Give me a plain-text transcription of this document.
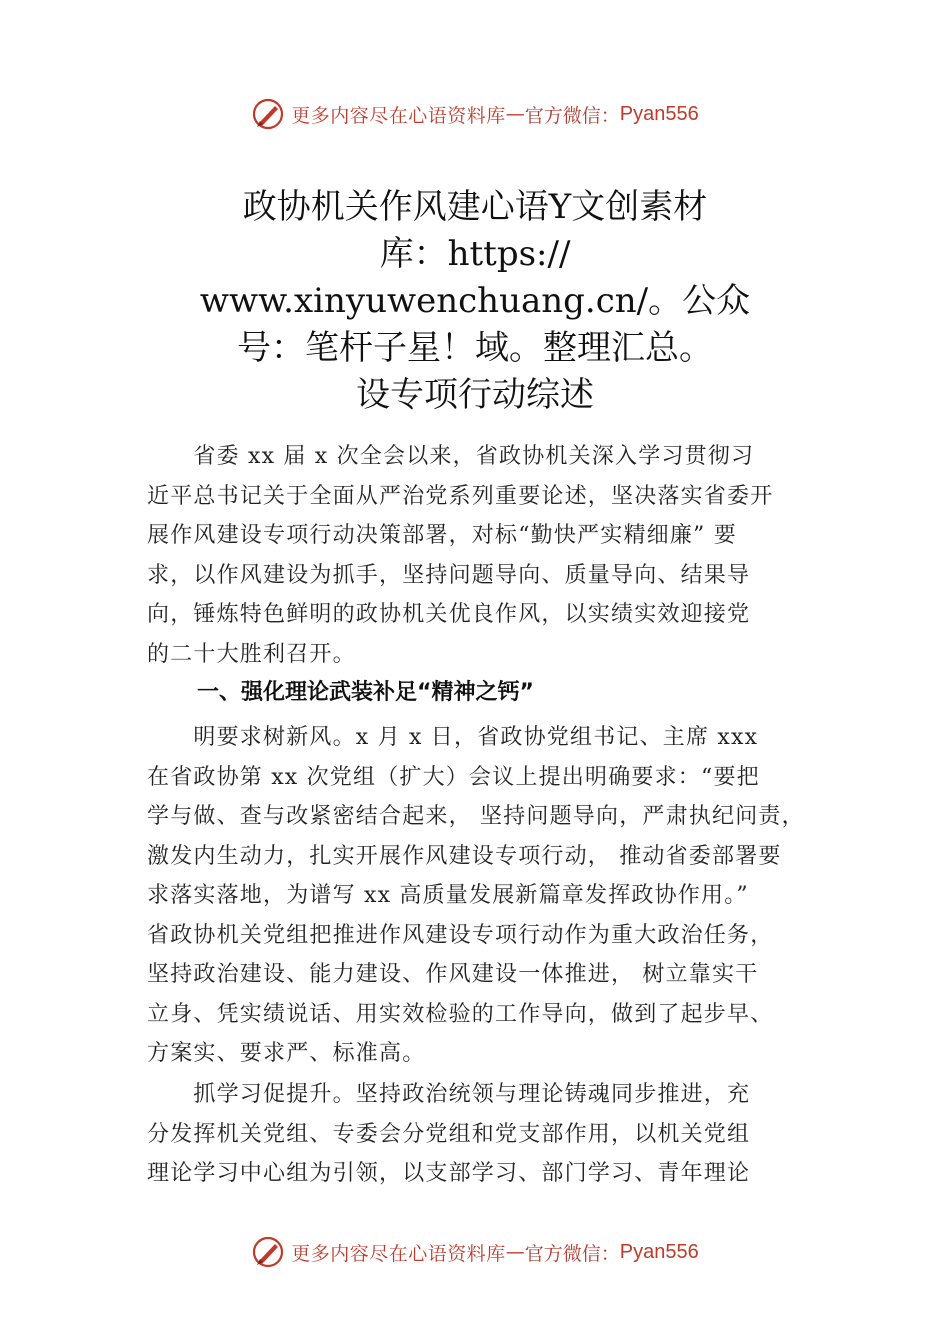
更多内容尽在心语资料库 — 官方微信： Pyan556
政协机关作风建心语Y文创素材
库：https://
www.xinyuwenchuang.cn/。公众
号：笔杆子星！域。整理汇总。
设专项行动综述
　　省委 xx 届 x 次全会以来，省政协机关深入学习贯彻习
近平总书记关于全面从严治党系列重要论述，坚决落实省委开
展作风建设专项行动决策部署，对标“勤快严实精细廉” 要
求，以作风建设为抓手，坚持问题导向、质量导向、结果导
向，锤炼特色鲜明的政协机关优良作风，以实绩实效迎接党
的二十大胜利召开。
一、强化理论武装补足“精神之钙”
　　明要求树新风。x 月 x 日，省政协党组书记、主席 xxx
在省政协第 xx 次党组（扩大）会议上提出明确要求：“要把
学与做、查与改紧密结合起来， 坚持问题导向，严肃执纪问责，
激发内生动力，扎实开展作风建设专项行动， 推动省委部署要
求落实落地，为谱写 xx 高质量发展新篇章发挥政协作用。”
省政协机关党组把推进作风建设专项行动作为重大政治任务，
坚持政治建设、能力建设、作风建设一体推进， 树立靠实干
立身、凭实绩说话、用实效检验的工作导向，做到了起步早、
方案实、要求严、标准高。
　　抓学习促提升。坚持政治统领与理论铸魂同步推进，充
分发挥机关党组、专委会分党组和党支部作用，以机关党组
理论学习中心组为引领，以支部学习、部门学习、青年理论
更多内容尽在心语资料库 — 官方微信： Pyan556
